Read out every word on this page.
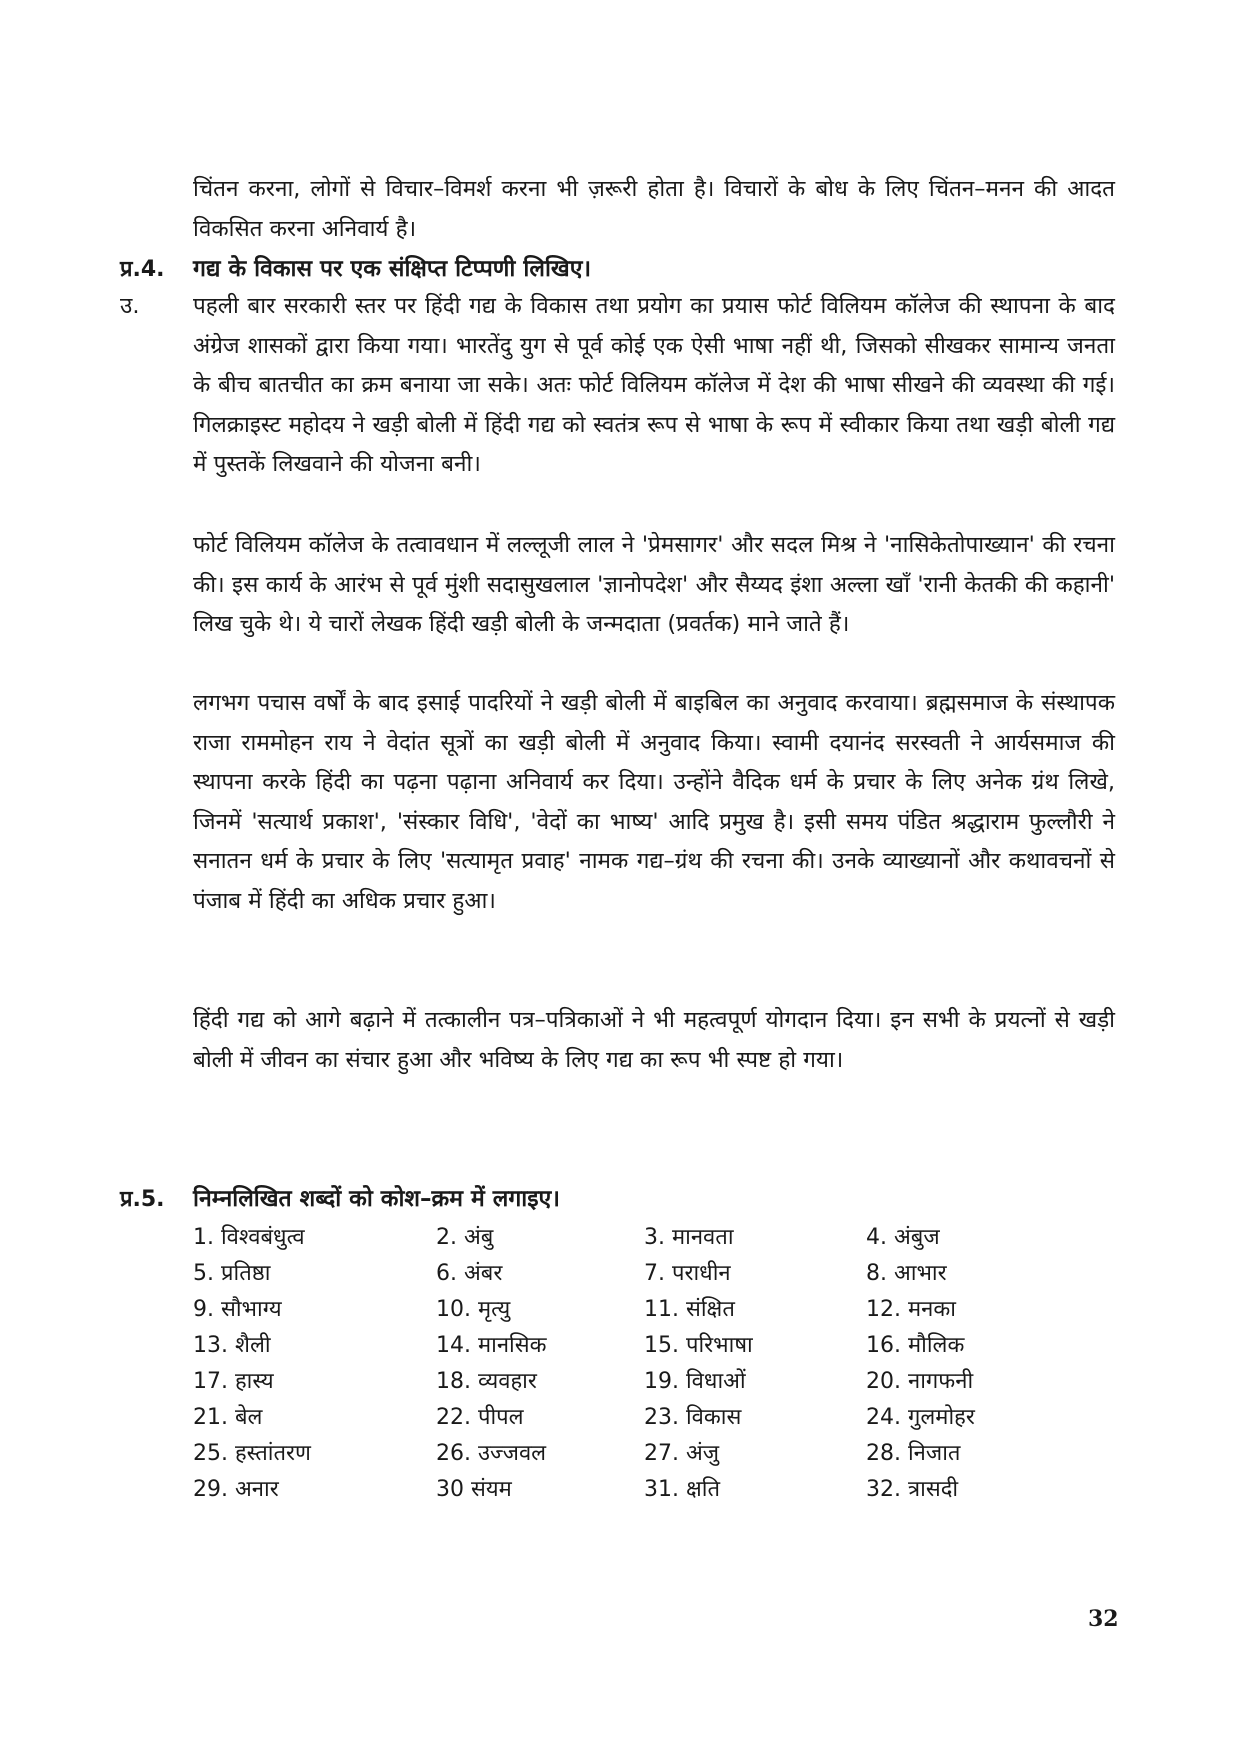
चिंतन करना, लोगों से विचार–विमर्श करना भी ज़रूरी होता है। विचारों के बोध के लिए चिंतन–मनन की आदत विकसित करना अनिवार्य है।

प्र.4. गद्य के विकास पर एक संक्षिप्त टिप्पणी लिखिए।
उ. पहली बार सरकारी स्तर पर हिंदी गद्य के विकास तथा प्रयोग का प्रयास फोर्ट विलियम कॉलेज की स्थापना के बाद अंग्रेज शासकों द्वारा किया गया। भारतेंदु युग से पूर्व कोई एक ऐसी भाषा नहीं थी, जिसको सीखकर सामान्य जनता के बीच बातचीत का क्रम बनाया जा सके। अतः फोर्ट विलियम कॉलेज में देश की भाषा सीखने की व्यवस्था की गई। गिलक्राइस्ट महोदय ने खड़ी बोली में हिंदी गद्य को स्वतंत्र रूप से भाषा के रूप में स्वीकार किया तथा खड़ी बोली गद्य में पुस्तकें लिखवाने की योजना बनी।

फोर्ट विलियम कॉलेज के तत्वावधान में लल्लूजी लाल ने 'प्रेमसागर' और सदल मिश्र ने 'नासिकेतोपाख्यान' की रचना की। इस कार्य के आरंभ से पूर्व मुंशी सदासुखलाल 'ज्ञानोपदेश' और सैय्यद इंशा अल्ला खाँ 'रानी केतकी की कहानी' लिख चुके थे। ये चारों लेखक हिंदी खड़ी बोली के जन्मदाता (प्रवर्तक) माने जाते हैं।

लगभग पचास वर्षों के बाद इसाई पादरियों ने खड़ी बोली में बाइबिल का अनुवाद करवाया। ब्रह्मसमाज के संस्थापक राजा राममोहन राय ने वेदांत सूत्रों का खड़ी बोली में अनुवाद किया। स्वामी दयानंद सरस्वती ने आर्यसमाज की स्थापना करके हिंदी का पढ़ना पढ़ाना अनिवार्य कर दिया। उन्होंने वैदिक धर्म के प्रचार के लिए अनेक ग्रंथ लिखे, जिनमें 'सत्यार्थ प्रकाश', 'संस्कार विधि', 'वेदों का भाष्य' आदि प्रमुख है। इसी समय पंडित श्रद्धाराम फुल्लौरी ने सनातन धर्म के प्रचार के लिए 'सत्यामृत प्रवाह' नामक गद्य–ग्रंथ की रचना की। उनके व्याख्यानों और कथावचनों से पंजाब में हिंदी का अधिक प्रचार हुआ।

हिंदी गद्य को आगे बढ़ाने में तत्कालीन पत्र–पत्रिकाओं ने भी महत्वपूर्ण योगदान दिया। इन सभी के प्रयत्नों से खड़ी बोली में जीवन का संचार हुआ और भविष्य के लिए गद्य का रूप भी स्पष्ट हो गया।

प्र.5. निम्नलिखित शब्दों को कोश–क्रम में लगाइए।
1. विश्वबंधुत्व	2. अंबु	3. मानवता	4. अंबुज
5. प्रतिष्ठा	6. अंबर	7. पराधीन	8. आभार
9. सौभाग्य	10. मृत्यु	11. संक्षित	12. मनका
13. शैली	14. मानसिक	15. परिभाषा	16. मौलिक
17. हास्य	18. व्यवहार	19. विधाओं	20. नागफनी
21. बेल	22. पीपल	23. विकास	24. गुलमोहर
25. हस्तांतरण	26. उज्जवल	27. अंजु	28. निजात
29. अनार	30 संयम	31. क्षति	32. त्रासदी
32
